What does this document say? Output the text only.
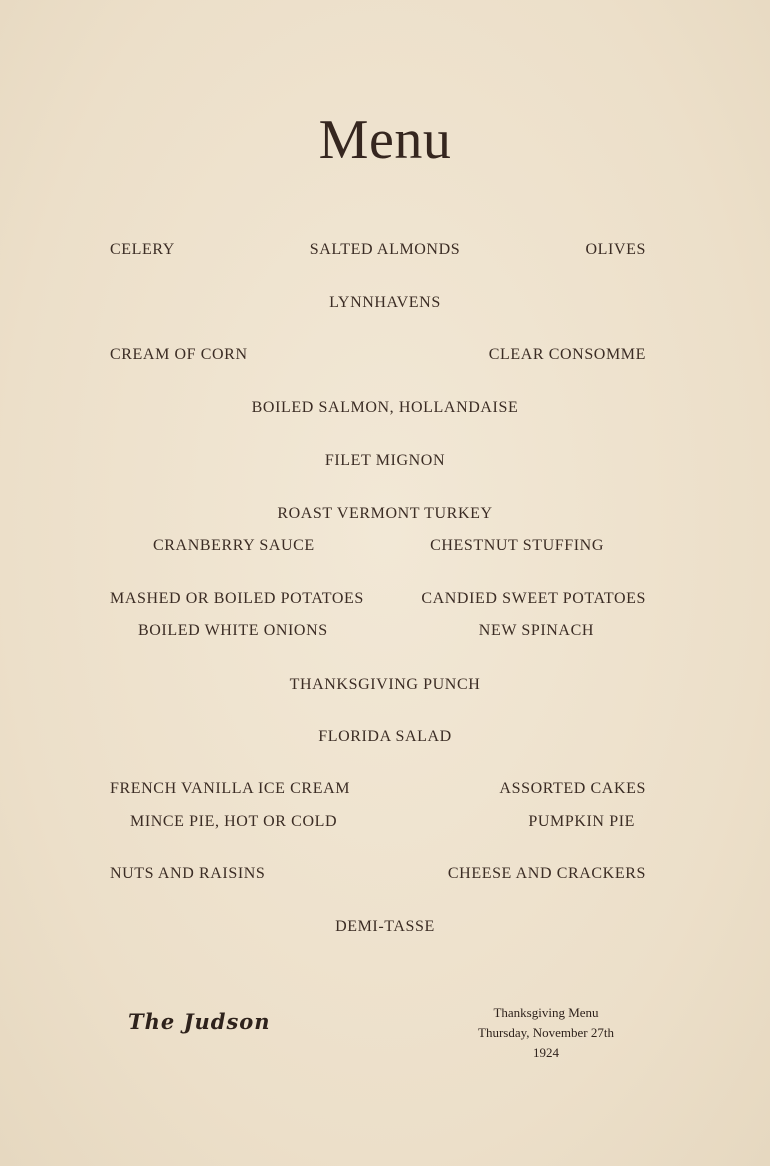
Menu
CELERY	SALTED ALMONDS	OLIVES
LYNNHAVENS
CREAM OF CORN	CLEAR CONSOMME
BOILED SALMON, HOLLANDAISE
FILET MIGNON
ROAST VERMONT TURKEY
CRANBERRY SAUCE	CHESTNUT STUFFING
MASHED OR BOILED POTATOES	CANDIED SWEET POTATOES
BOILED WHITE ONIONS	NEW SPINACH
THANKSGIVING PUNCH
FLORIDA SALAD
FRENCH VANILLA ICE CREAM	ASSORTED CAKES
MINCE PIE, HOT OR COLD	PUMPKIN PIE
NUTS AND RAISINS	CHEESE AND CRACKERS
DEMI-TASSE
The Judson	Thanksgiving Menu
Thursday, November 27th
1924
